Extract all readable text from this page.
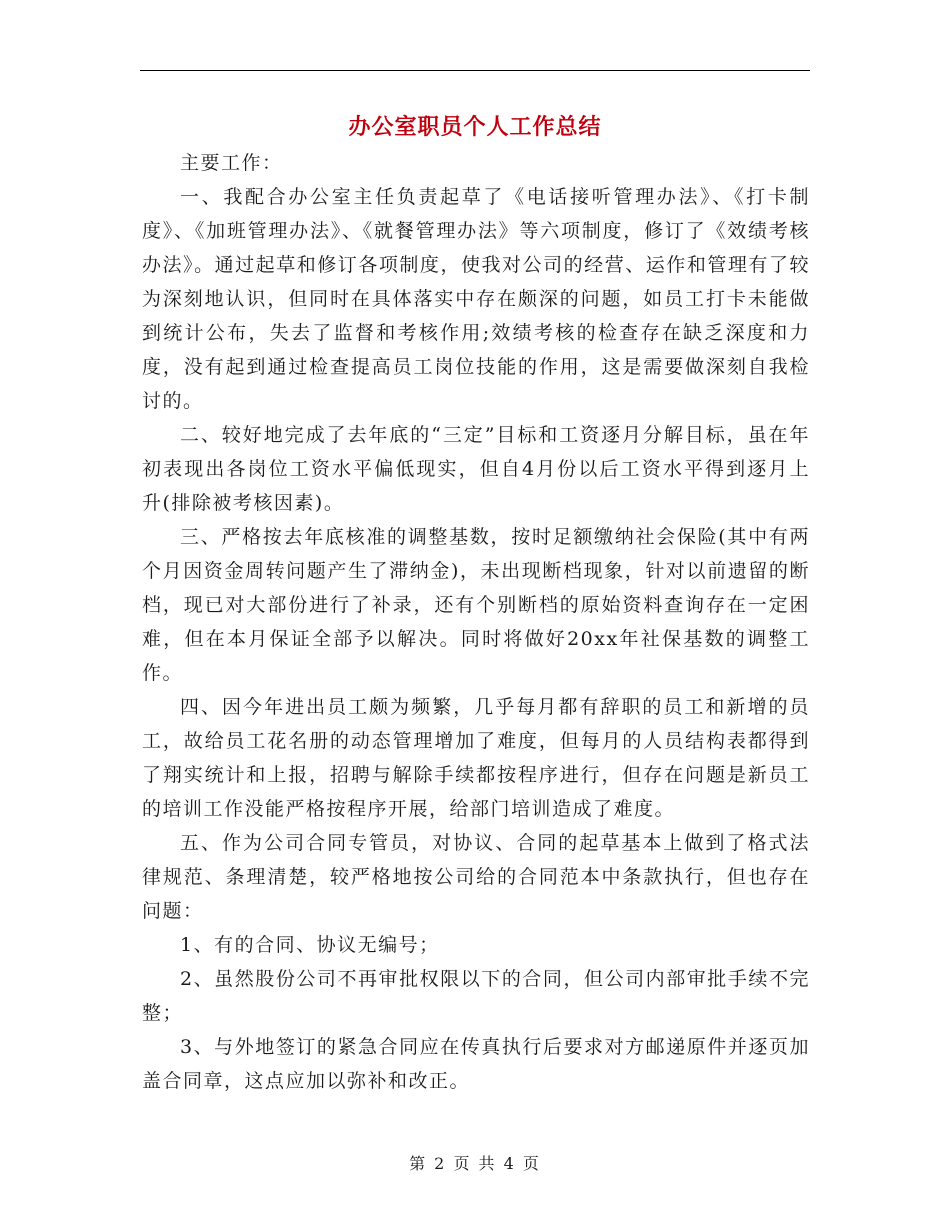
办公室职员个人工作总结

主要工作：

一、我配合办公室主任负责起草了《电话接听管理办法》、《打卡制度》、《加班管理办法》、《就餐管理办法》等六项制度，修订了《效绩考核办法》。通过起草和修订各项制度，使我对公司的经营、运作和管理有了较为深刻地认识，但同时在具体落实中存在颇深的问题，如员工打卡未能做到统计公布，失去了监督和考核作用;效绩考核的检查存在缺乏深度和力度，没有起到通过检查提高员工岗位技能的作用，这是需要做深刻自我检讨的。

二、较好地完成了去年底的“三定”目标和工资逐月分解目标，虽在年初表现出各岗位工资水平偏低现实，但自4月份以后工资水平得到逐月上升(排除被考核因素)。

三、严格按去年底核准的调整基数，按时足额缴纳社会保险(其中有两个月因资金周转问题产生了滞纳金)，未出现断档现象，针对以前遗留的断档，现已对大部份进行了补录，还有个别断档的原始资料查询存在一定困难，但在本月保证全部予以解决。同时将做好20xx年社保基数的调整工作。

四、因今年进出员工颇为频繁，几乎每月都有辞职的员工和新增的员工，故给员工花名册的动态管理增加了难度，但每月的人员结构表都得到了翔实统计和上报，招聘与解除手续都按程序进行，但存在问题是新员工的培训工作没能严格按程序开展，给部门培训造成了难度。

五、作为公司合同专管员，对协议、合同的起草基本上做到了格式法律规范、条理清楚，较严格地按公司给的合同范本中条款执行，但也存在问题：

1、有的合同、协议无编号；

2、虽然股份公司不再审批权限以下的合同，但公司内部审批手续不完整；

3、与外地签订的紧急合同应在传真执行后要求对方邮递原件并逐页加盖合同章，这点应加以弥补和改正。

第 2 页 共 4 页
